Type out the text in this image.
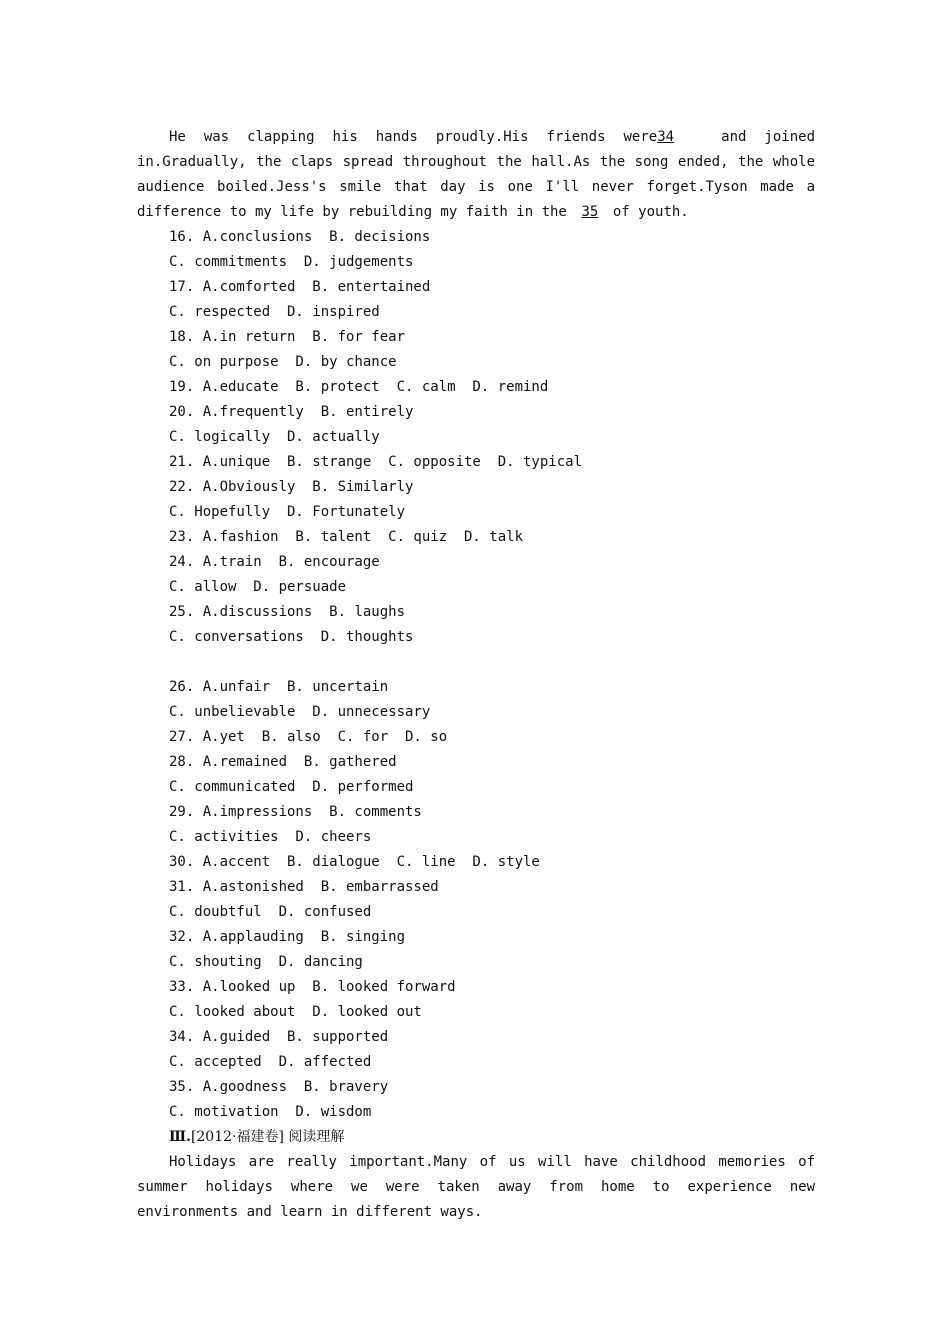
He was clapping his hands proudly.His friends were34	and joined
in.Gradually, the claps spread throughout the hall.As the song ended, the whole
audience boiled.Jess's smile that day is one I'll never forget.Tyson made a
difference to my life by rebuilding my faith in the 35 of youth.
16. A.conclusions  B. decisions
C. commitments  D. judgements
17. A.comforted  B. entertained
C. respected  D. inspired
18. A.in return  B. for fear
C. on purpose  D. by chance
19. A.educate  B. protect  C. calm  D. remind
20. A.frequently  B. entirely
C. logically  D. actually
21. A.unique  B. strange  C. opposite  D. typical
22. A.Obviously  B. Similarly
C. Hopefully  D. Fortunately
23. A.fashion  B. talent  C. quiz  D. talk
24. A.train  B. encourage
C. allow  D. persuade
25. A.discussions  B. laughs
C. conversations  D. thoughts
26. A.unfair  B. uncertain
C. unbelievable  D. unnecessary
27. A.yet  B. also  C. for  D. so
28. A.remained  B. gathered
C. communicated  D. performed
29. A.impressions  B. comments
C. activities  D. cheers
30. A.accent  B. dialogue  C. line  D. style
31. A.astonished  B. embarrassed
C. doubtful  D. confused
32. A.applauding  B. singing
C. shouting  D. dancing
33. A.looked up  B. looked forward
C. looked about  D. looked out
34. A.guided  B. supported
C. accepted  D. affected
35. A.goodness  B. bravery
C. motivation  D. wisdom
Ⅲ.[2012·福建卷] 阅读理解
Holidays are really important.Many of us will have childhood memories of
summer holidays where we were taken away from home to experience new
environments and learn in different ways.
